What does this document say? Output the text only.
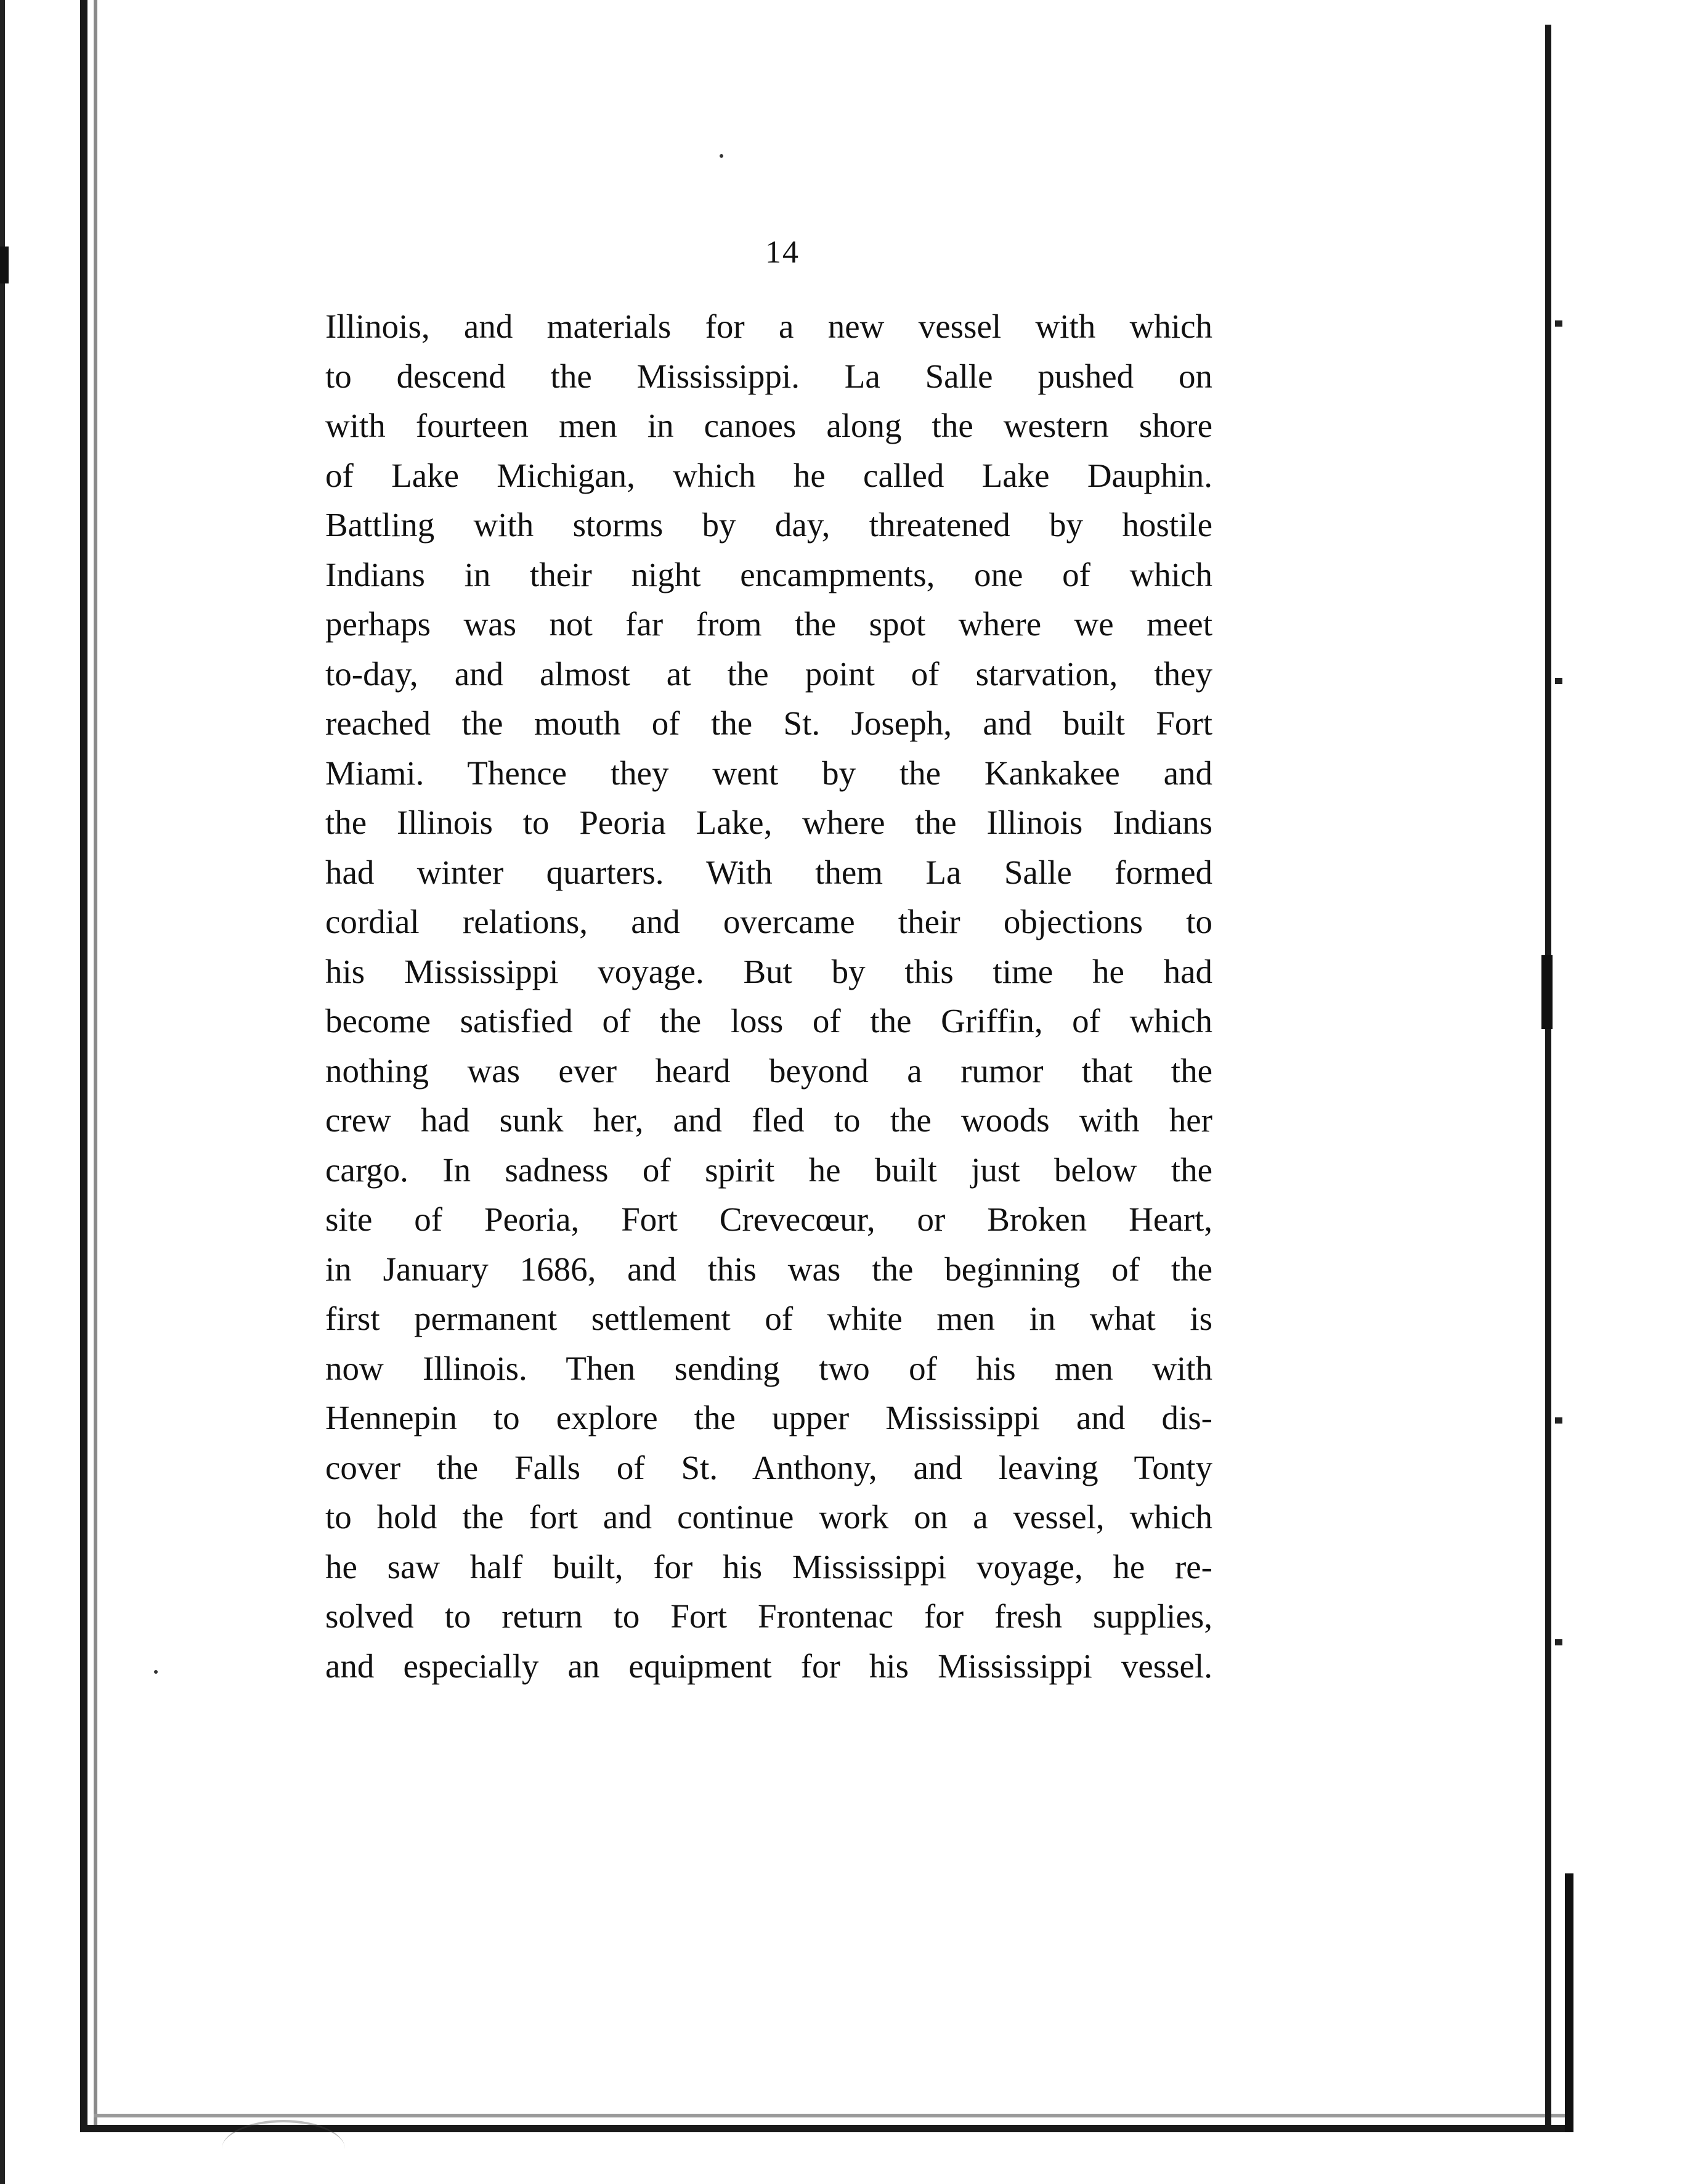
14
Illinois, and materials for a new vessel with which
to descend the Mississippi. La Salle pushed on
with fourteen men in canoes along the western shore
of Lake Michigan, which he called Lake Dauphin.
Battling with storms by day, threatened by hostile
Indians in their night encampments, one of which
perhaps was not far from the spot where we meet
to-day, and almost at the point of starvation, they
reached the mouth of the St. Joseph, and built Fort
Miami. Thence they went by the Kankakee and
the Illinois to Peoria Lake, where the Illinois Indians
had winter quarters. With them La Salle formed
cordial relations, and overcame their objections to
his Mississippi voyage. But by this time he had
become satisfied of the loss of the Griffin, of which
nothing was ever heard beyond a rumor that the
crew had sunk her, and fled to the woods with her
cargo. In sadness of spirit he built just below the
site of Peoria, Fort Crevecœur, or Broken Heart,
in January 1686, and this was the beginning of the
first permanent settlement of white men in what is
now Illinois. Then sending two of his men with
Hennepin to explore the upper Mississippi and dis-
cover the Falls of St. Anthony, and leaving Tonty
to hold the fort and continue work on a vessel, which
he saw half built, for his Mississippi voyage, he re-
solved to return to Fort Frontenac for fresh supplies,
and especially an equipment for his Mississippi vessel.
